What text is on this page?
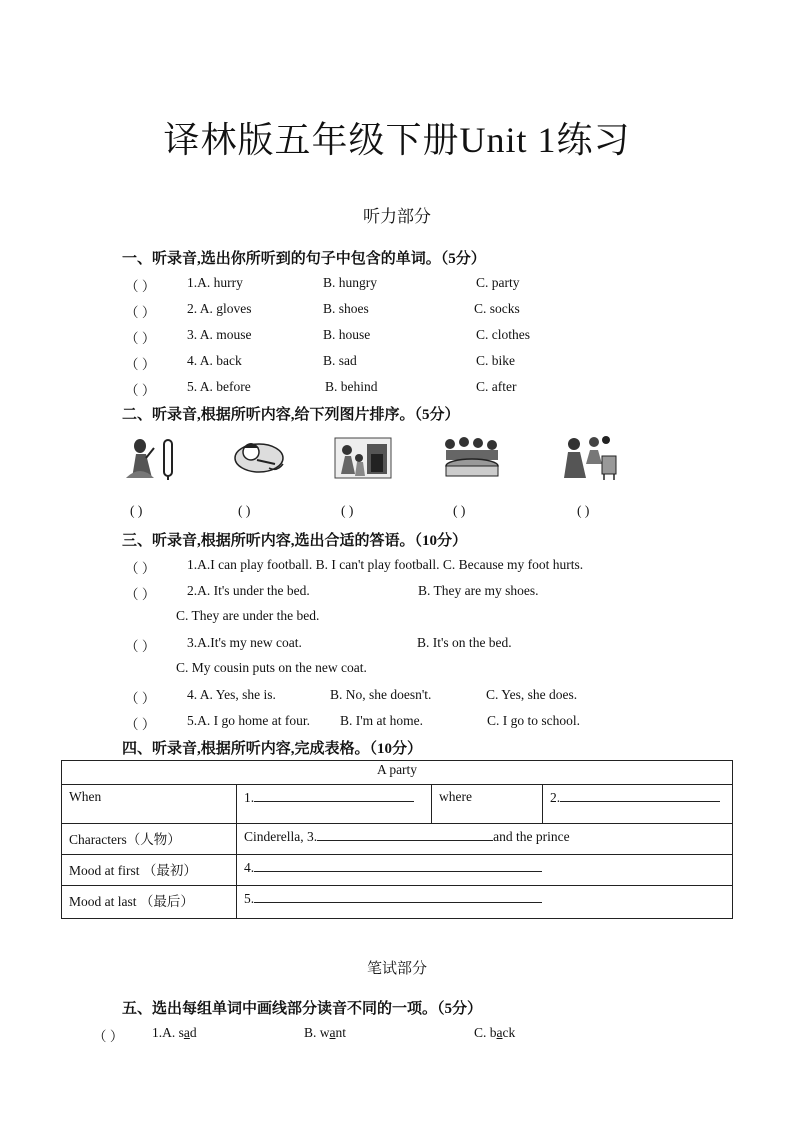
译林版五年级下册Unit 1练习
听力部分
一、听录音,选出你所听到的句子中包含的单词。（5分）
（ ） 1.A. hurry	B. hungry	C. party
（ ） 2. A. gloves	B. shoes	C. socks
（ ） 3. A. mouse	B. house	C. clothes
（ ） 4. A. back	B. sad	C. bike
（ ） 5. A. before	B. behind	C. after
二、听录音,根据所听内容,给下列图片排序。（5分）
( )	( )	( )	( )	( )
三、听录音,根据所听内容,选出合适的答语。（10分）
（ ） 1.A.I can play football. B. I can't play football. C. Because my foot hurts.
（ ） 2.A. It's under the bed.	B. They are my shoes.
C. They are under the bed.
（ ） 3.A.It's my new coat.	B. It's on the bed.
C. My cousin puts on the new coat.
（ ） 4. A. Yes, she is.	B. No, she doesn't.	C. Yes, she does.
（ ） 5.A. I go home at four. B. I'm at home.	C. I go to school.
四、听录音,根据所听内容,完成表格。（10分）
A party			
When	1.	where	2.
Characters（人物）	Cinderella, 3. and the prince		
Mood at first （最初）	4.		
Mood at last （最后）	5.		
笔试部分
五、选出每组单词中画线部分读音不同的一项。（5分）
（ ） 1.A. sad	B. want	C. back
